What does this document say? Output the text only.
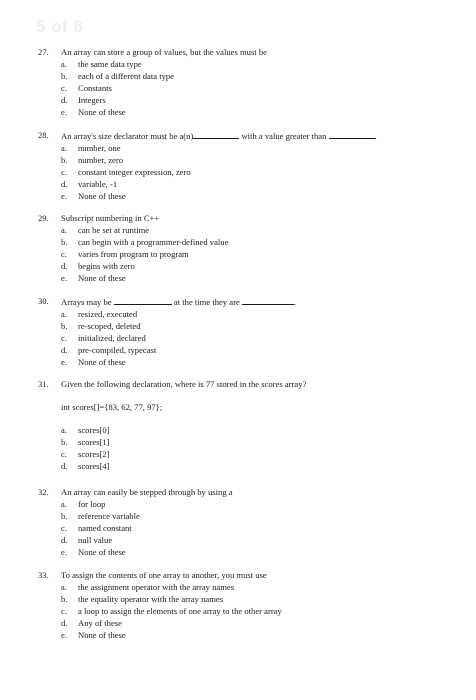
5 of 8
27.	An array can store a group of values, but the values must be
a.	the same data type
b.	each of a different data type
c.	Constants
d.	Integers
e.	None of these
28.	An array's size declarator must be a(n)	with a value greater than	.
a.	number, one
b.	number, zero
c.	constant integer expression, zero
d.	variable, -1
e.	None of these
29.	Subscript numbering in C++
a.	can be set at runtime
b.	can begin with a programmer-defined value
c.	varies from program to program
d.	begins with zero
e.	None of these
30.	Arrays may be	at the time they are	.
a.	resized, executed
b.	re-scoped, deleted
c.	initialized, declared
d.	pre-compiled, typecast
e.	None of these
31.	Given the following declaration, where is 77 stored in the scores array?
int scores[]={83, 62, 77, 97};
a.	scores[0]
b.	scores[1]
c.	scores[2]
d.	scores[4]
32.	An array can easily be stepped through by using a
a.	for loop
b.	reference variable
c.	named constant
d.	null value
e.	None of these
33.	To assign the contents of one array to another, you must use
a.	the assignment operator with the array names
b.	the equality operator with the array names
c.	a loop to assign the elements of one array to the other array
d.	Any of these
e.	None of these
